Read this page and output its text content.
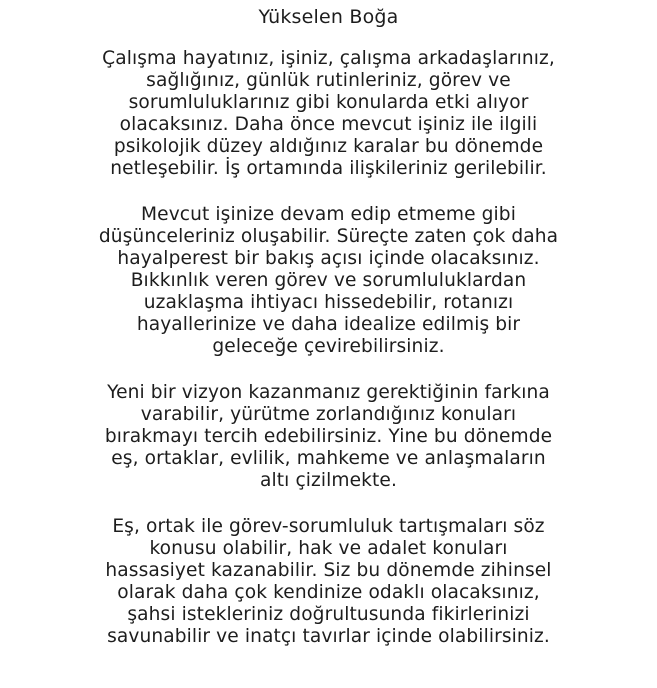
Yükselen Boğa

Çalışma hayatınız, işiniz, çalışma arkadaşlarınız,
sağlığınız, günlük rutinleriniz, görev ve
sorumluluklarınız gibi konularda etki alıyor
olacaksınız. Daha önce mevcut işiniz ile ilgili
psikolojik düzey aldığınız karalar bu dönemde
netleşebilir. İş ortamında ilişkileriniz gerilebilir.

Mevcut işinize devam edip etmeme gibi
düşünceleriniz oluşabilir. Süreçte zaten çok daha
hayalperest bir bakış açısı içinde olacaksınız.
Bıkkınlık veren görev ve sorumluluklardan
uzaklaşma ihtiyacı hissedebilir, rotanızı
hayallerinize ve daha idealize edilmiş bir
geleceğe çevirebilirsiniz.

Yeni bir vizyon kazanmanız gerektiğinin farkına
varabilir, yürütme zorlandığınız konuları
bırakmayı tercih edebilirsiniz. Yine bu dönemde
eş, ortaklar, evlilik, mahkeme ve anlaşmaların
altı çizilmekte.

Eş, ortak ile görev-sorumluluk tartışmaları söz
konusu olabilir, hak ve adalet konuları
hassasiyet kazanabilir. Siz bu dönemde zihinsel
olarak daha çok kendinize odaklı olacaksınız,
şahsi istekleriniz doğrultusunda fikirlerinizi
savunabilir ve inatçı tavırlar içinde olabilirsiniz.
